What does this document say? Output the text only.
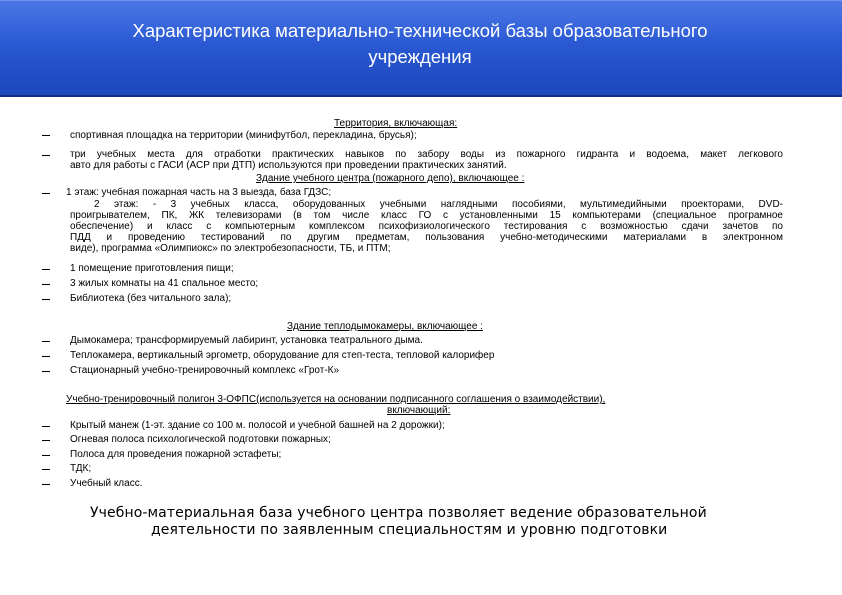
Характеристика материально-технической базы образовательного
учреждения
Территория, включающая:
спортивная площадка на территории (минифутбол, перекладина, брусья);
три учебных места для отработки практических навыков по забору воды из пожарного гидранта и водоема, макет легкового
авто для работы с ГАСИ (АСР при ДТП) используются при проведении практических занятий.
Здание учебного центра (пожарного депо), включающее :
1 этаж: учебная пожарная часть на 3 выезда, база ГДЗС;
2 этаж: - 3 учебных класса, оборудованных учебными наглядными пособиями, мультимедийными проекторами, DVD-
проигрывателем, ПК, ЖК телевизорами (в том числе класс ГО с установленными 15 компьютерами (специальное програмное
обеспечение) и класс с компьютерным комплексом психофизиологического тестирования с возможностью сдачи зачетов по
ПДД и проведению тестирований по другим предметам, пользования учебно-методическими материалами в электронном
виде), программа «Олимпиокс» по электробезопасности, ТБ, и ПТМ;
1 помещение приготовления пищи;
3 жилых комнаты на 41 спальное место;
Библиотека (без читального зала);
Здание теплодымокамеры, включающее :
Дымокамера; трансформируемый лабиринт, установка театрального дыма.
Теплокамера, вертикальный эргометр, оборудование для степ-теста, тепловой калорифер
Стационарный учебно-тренировочный комплекс «Грот-К»
Учебно-тренировочный полигон 3-ОФПС(используется на основании подписанного соглашения о взаимодействии),
включающий:
Крытый манеж (1-эт. здание со 100 м. полосой и учебной башней на 2 дорожки);
Огневая полоса психологической подготовки пожарных;
Полоса для проведения пожарной эстафеты;
ТДК;
Учебный класс.
Учебно-материальная база учебного центра позволяет ведение образовательной
деятельности по заявленным специальностям и уровню подготовки
